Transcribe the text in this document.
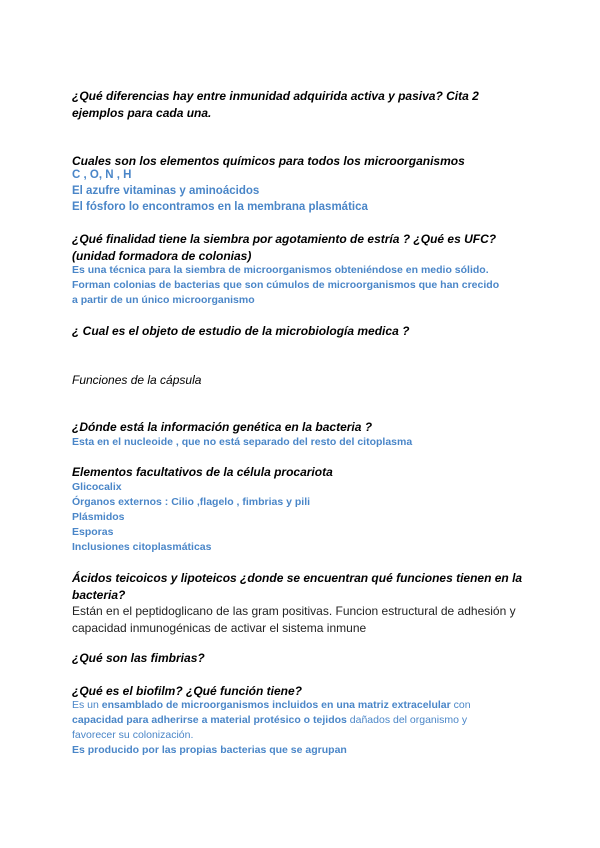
¿Qué diferencias hay entre inmunidad adquirida activa y pasiva? Cita 2
ejemplos para cada una.
Cuales son los elementos químicos para todos los microorganismos
C , O, N , H
El azufre vitaminas y aminoácidos
El fósforo lo encontramos en la membrana plasmática
¿Qué finalidad tiene la siembra por agotamiento de estría ? ¿Qué es UFC?
(unidad formadora de colonias)
Es una técnica para la siembra de microorganismos obteniéndose en medio sólido.
Forman colonias de bacterias que son cúmulos de microorganismos que han crecido
a partir de un único microorganismo
¿ Cual es el objeto de estudio de la microbiología medica ?
Funciones de la cápsula
¿Dónde está la información genética en la bacteria ?
Esta en el nucleoide , que no está separado del resto del citoplasma
Elementos facultativos de la célula procariota
Glicocalix
Órganos externos : Cilio ,flagelo , fimbrias y pili
Plásmidos
Esporas
Inclusiones citoplasmáticas
Ácidos teicoicos y lipoteicos ¿donde se encuentran qué funciones tienen en la
bacteria?
Están en el peptidoglicano de las gram positivas. Funcion estructural de adhesión y
capacidad inmunogénicas de activar el sistema inmune
¿Qué son las fimbrias?
¿Qué es el biofilm? ¿Qué función tiene?
Es un ensamblado de microorganismos incluidos en una matriz extracelular con
capacidad para adherirse a material protésico o tejidos dañados del organismo y
favorecer su colonización.
Es producido por las propias bacterias que se agrupan
